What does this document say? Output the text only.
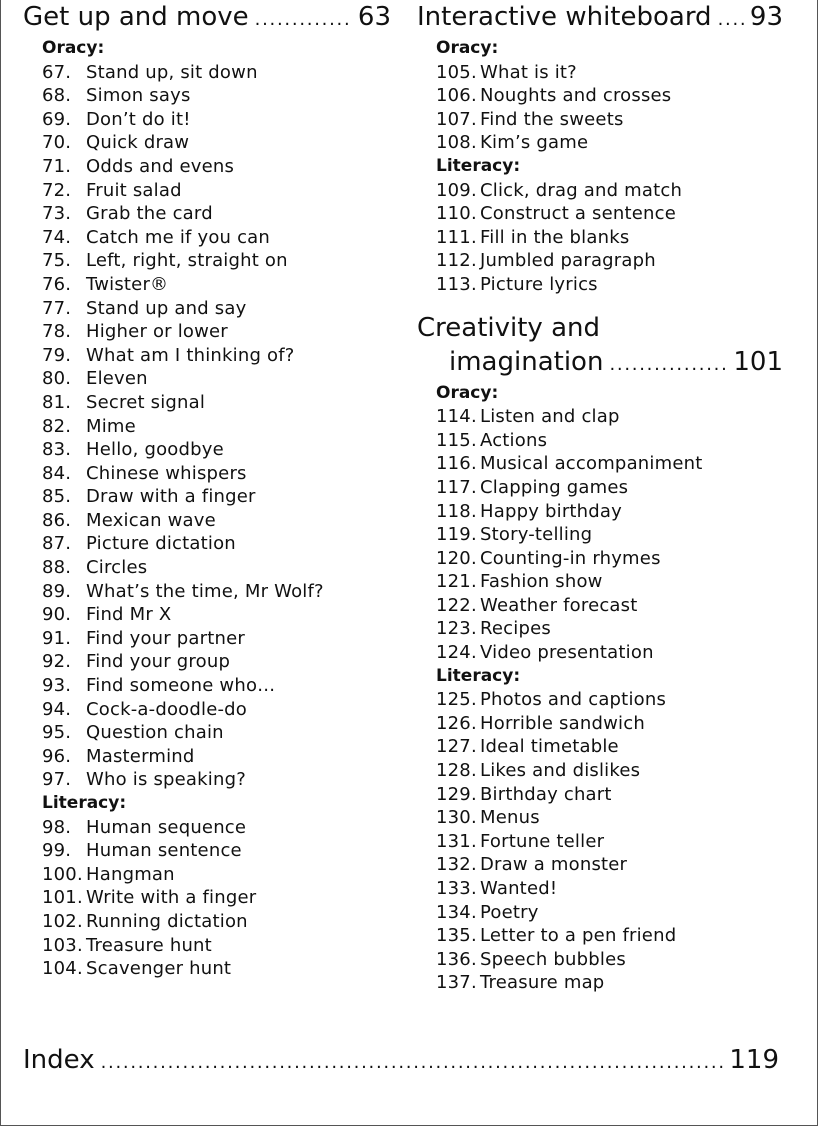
Get up and move . . .	63
Oracy:
67. Stand up, sit down
68. Simon says
69. Don’t do it!
70. Quick draw
71. Odds and evens
72. Fruit salad
73. Grab the card
74. Catch me if you can
75. Left, right, straight on
76. Twister®
77. Stand up and say
78. Higher or lower
79. What am I thinking of?
80. Eleven
81. Secret signal
82. Mime
83. Hello, goodbye
84. Chinese whispers
85. Draw with a finger
86. Mexican wave
87. Picture dictation
88. Circles
89. What’s the time, Mr Wolf?
90. Find Mr X
91. Find your partner
92. Find your group
93. Find someone who…
94. Cock-a-doodle-do
95. Question chain
96. Mastermind
97. Who is speaking?
Literacy:
98. Human sequence
99. Human sentence
100. Hangman
101. Write with a finger
102. Running dictation
103. Treasure hunt
104. Scavenger hunt
Interactive whiteboard . . . 93
Oracy:
105. What is it?
106. Noughts and crosses
107. Find the sweets
108. Kim’s game
Literacy:
109. Click, drag and match
110. Construct a sentence
111. Fill in the blanks
112. Jumbled paragraph
113. Picture lyrics
Creativity and
imagination . . .	101
Oracy:
114. Listen and clap
115. Actions
116. Musical accompaniment
117. Clapping games
118. Happy birthday
119. Story-telling
120. Counting-in rhymes
121. Fashion show
122. Weather forecast
123. Recipes
124. Video presentation
Literacy:
125. Photos and captions
126. Horrible sandwich
127. Ideal timetable
128. Likes and dislikes
129. Birthday chart
130. Menus
131. Fortune teller
132. Draw a monster
133. Wanted!
134. Poetry
135. Letter to a pen friend
136. Speech bubbles
137. Treasure map
Index . . .	119
